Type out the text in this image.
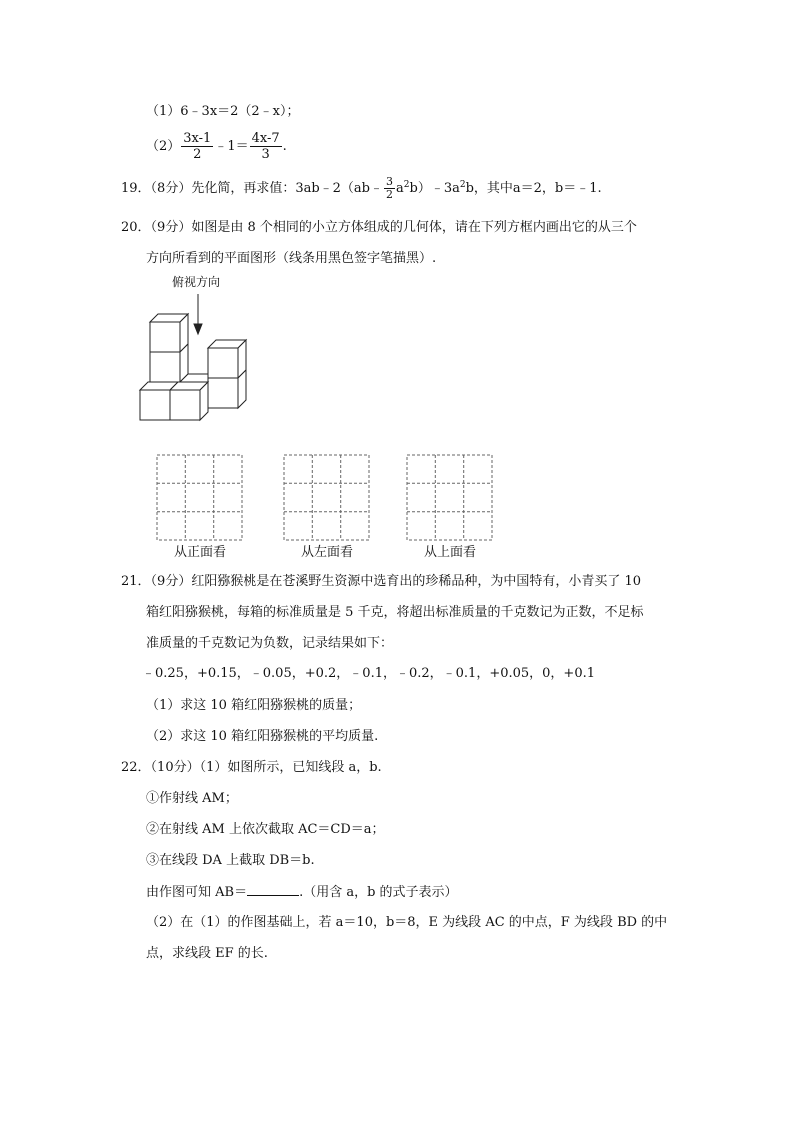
（1）6﹣3x＝2（2﹣x）；
$(2) \frac{3x-1}{2}$ ﹣1＝ $\frac{4x-7}{3}$ .
19．（8分）先化简，再求值：3ab﹣2（ab﹣ $\frac{3}{2}$ $a^2b)﹣3a^2b$，其中a＝2，b＝﹣1.
20．（9分）如图是由 8 个相同的小立方体组成的几何体，请在下列方框内画出它的从三个
方向所看到的平面图形（线条用黑色签字笔描黑）.
俯视方向
从正面看	从左面看	从上面看
21．（9分）红阳猕猴桃是在苍溪野生资源中选育出的珍稀品种，为中国特有，小青买了 10
箱红阳猕猴桃，每箱的标准质量是 5 千克，将超出标准质量的千克数记为正数，不足标
准质量的千克数记为负数，记录结果如下：
﹣0.25，+0.15，﹣0.05，+0.2，﹣0.1，﹣0.2，﹣0.1，+0.05，0，+0.1
（1）求这 10 箱红阳猕猴桃的质量；
（2）求这 10 箱红阳猕猴桃的平均质量.
22．（10分）（1）如图所示，已知线段 a，b.
①作射线 AM；
②在射线 AM 上依次截取 AC＝CD＝a；
③在线段 DA 上截取 DB＝b.
由作图可知 AB＝	.（用含 a，b 的式子表示）
（2）在（1）的作图基础上，若 a＝10，b＝8，E 为线段 AC 的中点，F 为线段 BD 的中
点，求线段 EF 的长.
